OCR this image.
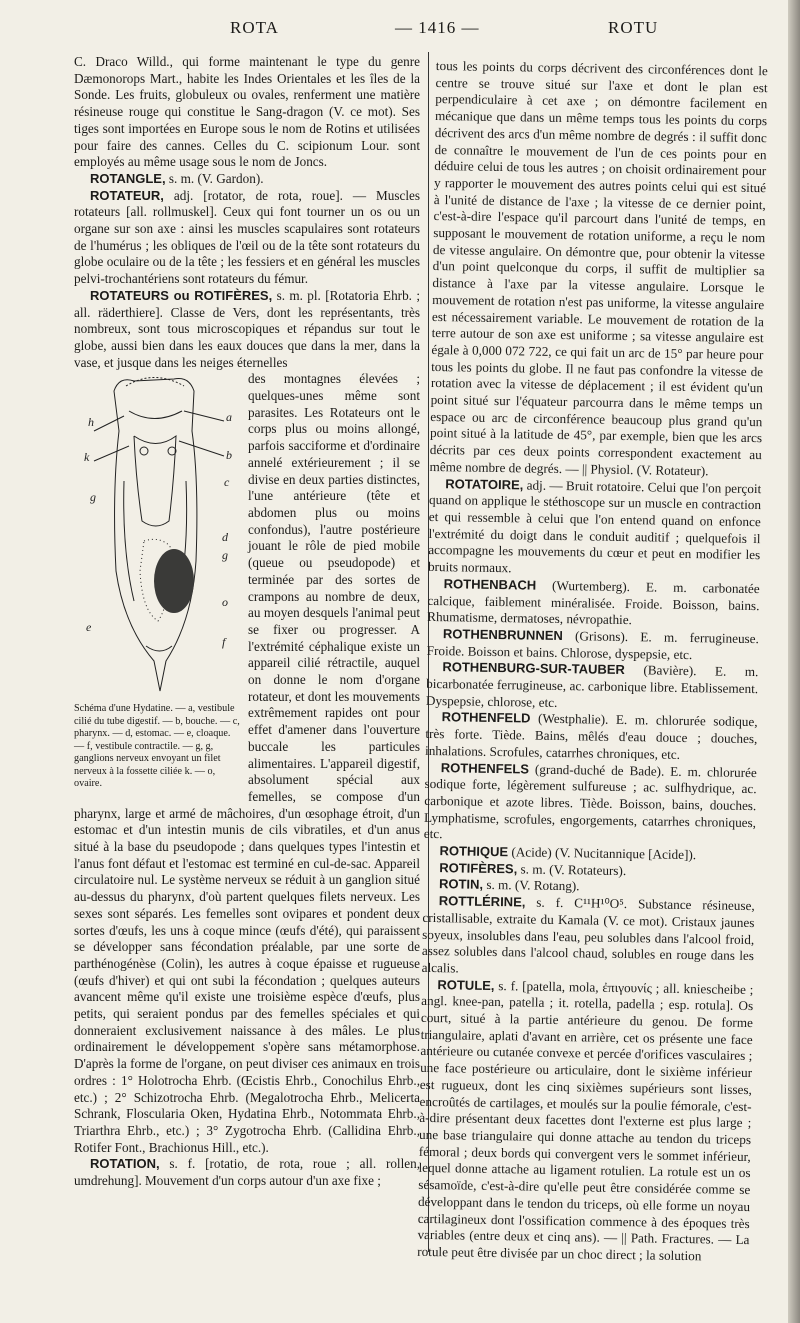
ROTA	— 1416 —	ROTU

C. Draco Willd., qui forme maintenant le type du genre Dæmonorops Mart., habite les Indes Orientales et les îles de la Sonde. Les fruits, globuleux ou ovales, renferment une matière résineuse rouge qui constitue le Sang-dragon (V. ce mot). Ses tiges sont importées en Europe sous le nom de Rotins et utilisées pour faire des cannes. Celles du C. scipionum Lour. sont employés au même usage sous le nom de Joncs.

ROTANGLE, s. m. (V. Gardon).

ROTATEUR, adj. [rotator, de rota, roue]. — Muscles rotateurs [all. rollmuskel]. Ceux qui font tourner un os ou un organe sur son axe : ainsi les muscles scapulaires sont rotateurs de l'humérus ; les obliques de l'œil ou de la tête sont rotateurs du globe oculaire ou de la tête ; les fessiers et en général les muscles pelvi-trochantériens sont rotateurs du fémur.

ROTATEURS ou ROTIFÈRES, s. m. pl. [Rotatoria Ehrb. ; all. räderthiere]. Classe de Vers, dont les représentants, très nombreux, sont tous microscopiques et répandus sur tout le globe, aussi bien dans les eaux douces que dans la mer, dans la vase, et jusque dans les neiges éternelles

h	a
k	b
c
g
d
g
o
e
f
Schéma d'une Hydatine. — a, vestibule cilié du tube digestif. — b, bouche. — c, pharynx. — d, estomac. — e, cloaque. — f, vestibule contractile. — g, g, ganglions nerveux envoyant un filet nerveux à la fossette ciliée k. — o, ovaire.

des montagnes élevées ; quelques-unes même sont parasites. Les Rotateurs ont le corps plus ou moins allongé, parfois sacciforme et d'ordinaire annelé extérieurement ; il se divise en deux parties distinctes, l'une antérieure (tête et abdomen plus ou moins confondus), l'autre postérieure jouant le rôle de pied mobile (queue ou pseudopode) et terminée par des sortes de crampons au nombre de deux, au moyen desquels l'animal peut se fixer ou progresser. A l'extrémité céphalique existe un appareil cilié rétractile, auquel on donne le nom d'organe rotateur, et dont les mouvements extrêmement rapides ont pour effet d'amener dans l'ouverture buccale les particules alimentaires. L'appareil digestif, absolument spécial aux femelles, se compose d'un pharynx, large et armé de mâchoires, d'un œsophage étroit, d'un estomac et d'un intestin munis de cils vibratiles, et d'un anus situé à la base du pseudopode ; dans quelques types l'intestin et l'anus font défaut et l'estomac est terminé en cul-de-sac. Appareil circulatoire nul. Le système nerveux se réduit à un ganglion situé au-dessus du pharynx, d'où partent quelques filets nerveux. Les sexes sont séparés. Les femelles sont ovipares et pondent deux sortes d'œufs, les uns à coque mince (œufs d'été), qui paraissent se développer sans fécondation préalable, par une sorte de parthénogénèse (Colin), les autres à coque épaisse et rugueuse (œufs d'hiver) et qui ont subi la fécondation ; quelques auteurs avancent même qu'il existe une troisième espèce d'œufs, plus petits, qui seraient pondus par des femelles spéciales et qui donneraient exclusivement naissance à des mâles. Le plus ordinairement le développement s'opère sans métamorphose. D'après la forme de l'organe, on peut diviser ces animaux en trois ordres : 1° Holotrocha Ehrb. (Œcistis Ehrb., Conochilus Ehrb., etc.) ; 2° Schizotrocha Ehrb. (Megalotrocha Ehrb., Melicerta Schrank, Floscularia Oken, Hydatina Ehrb., Notommata Ehrb., Triarthra Ehrb., etc.) ; 3° Zygotrocha Ehrb. (Callidina Ehrb., Rotifer Font., Brachionus Hill., etc.).

ROTATION, s. f. [rotatio, de rota, roue ; all. rollen, umdrehung]. Mouvement d'un corps autour d'un axe fixe ;

tous les points du corps décrivent des circonférences dont le centre se trouve situé sur l'axe et dont le plan est perpendiculaire à cet axe ; on démontre facilement en mécanique que dans un même temps tous les points du corps décrivent des arcs d'un même nombre de degrés : il suffit donc de connaître le mouvement de l'un de ces points pour en déduire celui de tous les autres ; on choisit ordinairement pour y rapporter le mouvement des autres points celui qui est situé à l'unité de distance de l'axe ; la vitesse de ce dernier point, c'est-à-dire l'espace qu'il parcourt dans l'unité de temps, en supposant le mouvement de rotation uniforme, a reçu le nom de vitesse angulaire. On démontre que, pour obtenir la vitesse d'un point quelconque du corps, il suffit de multiplier sa distance à l'axe par la vitesse angulaire. Lorsque le mouvement de rotation n'est pas uniforme, la vitesse angulaire est nécessairement variable. Le mouvement de rotation de la terre autour de son axe est uniforme ; sa vitesse angulaire est égale à 0,000 072 722, ce qui fait un arc de 15° par heure pour tous les points du globe. Il ne faut pas confondre la vitesse de rotation avec la vitesse de déplacement ; il est évident qu'un point situé sur l'équateur parcourra dans le même temps un espace ou arc de circonférence beaucoup plus grand qu'un point situé à la latitude de 45°, par exemple, bien que les arcs décrits par ces deux points correspondent exactement au même nombre de degrés. — || Physiol. (V. Rotateur).

ROTATOIRE, adj. — Bruit rotatoire. Celui que l'on perçoit quand on applique le stéthoscope sur un muscle en contraction et qui ressemble à celui que l'on entend quand on enfonce l'extrémité du doigt dans le conduit auditif ; quelquefois il accompagne les mouvements du cœur et peut en modifier les bruits normaux.

ROTHENBACH (Wurtemberg). E. m. carbonatée calcique, faiblement minéralisée. Froide. Boisson, bains. Rhumatisme, dermatoses, névropathie.

ROTHENBRUNNEN (Grisons). E. m. ferrugineuse. Froide. Boisson et bains. Chlorose, dyspepsie, etc.

ROTHENBURG-SUR-TAUBER (Bavière). E. m. bicarbonatée ferrugineuse, ac. carbonique libre. Etablissement. Dyspepsie, chlorose, etc.

ROTHENFELD (Westphalie). E. m. chlorurée sodique, très forte. Tiède. Bains, mêlés d'eau douce ; douches, inhalations. Scrofules, catarrhes chroniques, etc.

ROTHENFELS (grand-duché de Bade). E. m. chlorurée sodique forte, légèrement sulfureuse ; ac. sulfhydrique, ac. carbonique et azote libres. Tiède. Boisson, bains, douches. Lymphatisme, scrofules, engorgements, catarrhes chroniques, etc.

ROTHIQUE (Acide) (V. Nucitannique [Acide]).

ROTIFÈRES, s. m. (V. Rotateurs).

ROTIN, s. m. (V. Rotang).

ROTTLÉRINE, s. f. C¹¹H¹⁰O⁵. Substance résineuse, cristallisable, extraite du Kamala (V. ce mot). Cristaux jaunes soyeux, insolubles dans l'eau, peu solubles dans l'alcool froid, assez solubles dans l'alcool chaud, solubles en rouge dans les alcalis.

ROTULE, s. f. [patella, mola, ἐπιγουνίς ; all. kniescheibe ; angl. knee-pan, patella ; it. rotella, padella ; esp. rotula]. Os court, situé à la partie antérieure du genou. De forme triangulaire, aplati d'avant en arrière, cet os présente une face antérieure ou cutanée convexe et percée d'orifices vasculaires ; une face postérieure ou articulaire, dont le sixième inférieur est rugueux, dont les cinq sixièmes supérieurs sont lisses, encroûtés de cartilages, et moulés sur la poulie fémorale, c'est-à-dire présentant deux facettes dont l'externe est plus large ; une base triangulaire qui donne attache au tendon du triceps fémoral ; deux bords qui convergent vers le sommet inférieur, lequel donne attache au ligament rotulien. La rotule est un os sésamoïde, c'est-à-dire qu'elle peut être considérée comme se développant dans le tendon du triceps, où elle forme un noyau cartilagineux dont l'ossification commence à des époques très variables (entre deux et cinq ans). — || Path. Fractures. — La rotule peut être divisée par un choc direct ; la solution
